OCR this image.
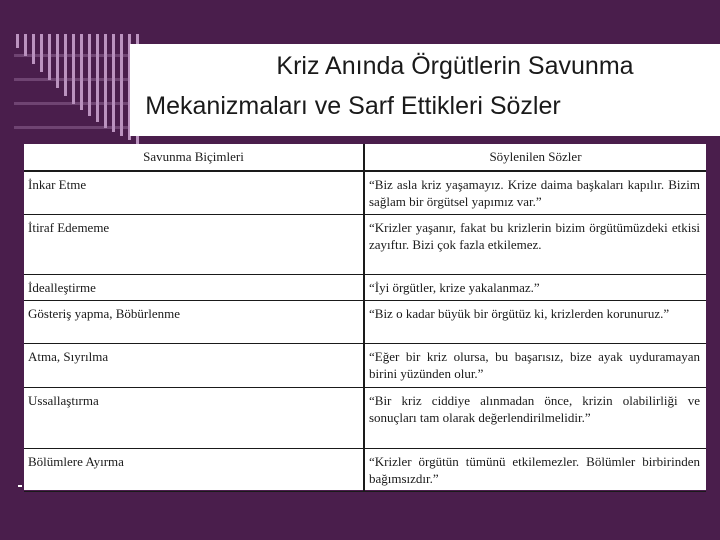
Kriz Anında Örgütlerin Savunma
Mekanizmaları ve Sarf Ettikleri Sözler
Savunma Biçimleri	Söylenilen Sözler
İnkar Etme	“Biz asla kriz yaşamayız. Krize daima başkaları kapılır. Bizim sağlam bir örgütsel yapımız var.”
İtiraf Edememe	“Krizler yaşanır, fakat bu krizlerin bizim örgütümüzdeki etkisi zayıftır. Bizi çok fazla etkilemez.
İdealleştirme	“İyi örgütler, krize yakalanmaz.”
Gösteriş yapma, Böbürlenme	“Biz o kadar büyük bir örgütüz ki, krizlerden korunuruz.”
Atma, Sıyrılma	“Eğer bir kriz olursa, bu başarısız, bize ayak uyduramayan birini yüzünden olur.”
Ussallaştırma	“Bir kriz ciddiye alınmadan önce, krizin olabilirliği ve sonuçları tam olarak değerlendirilmelidir.”
Bölümlere Ayırma	“Krizler örgütün tümünü etkilemezler. Bölümler birbirinden bağımsızdır.”
